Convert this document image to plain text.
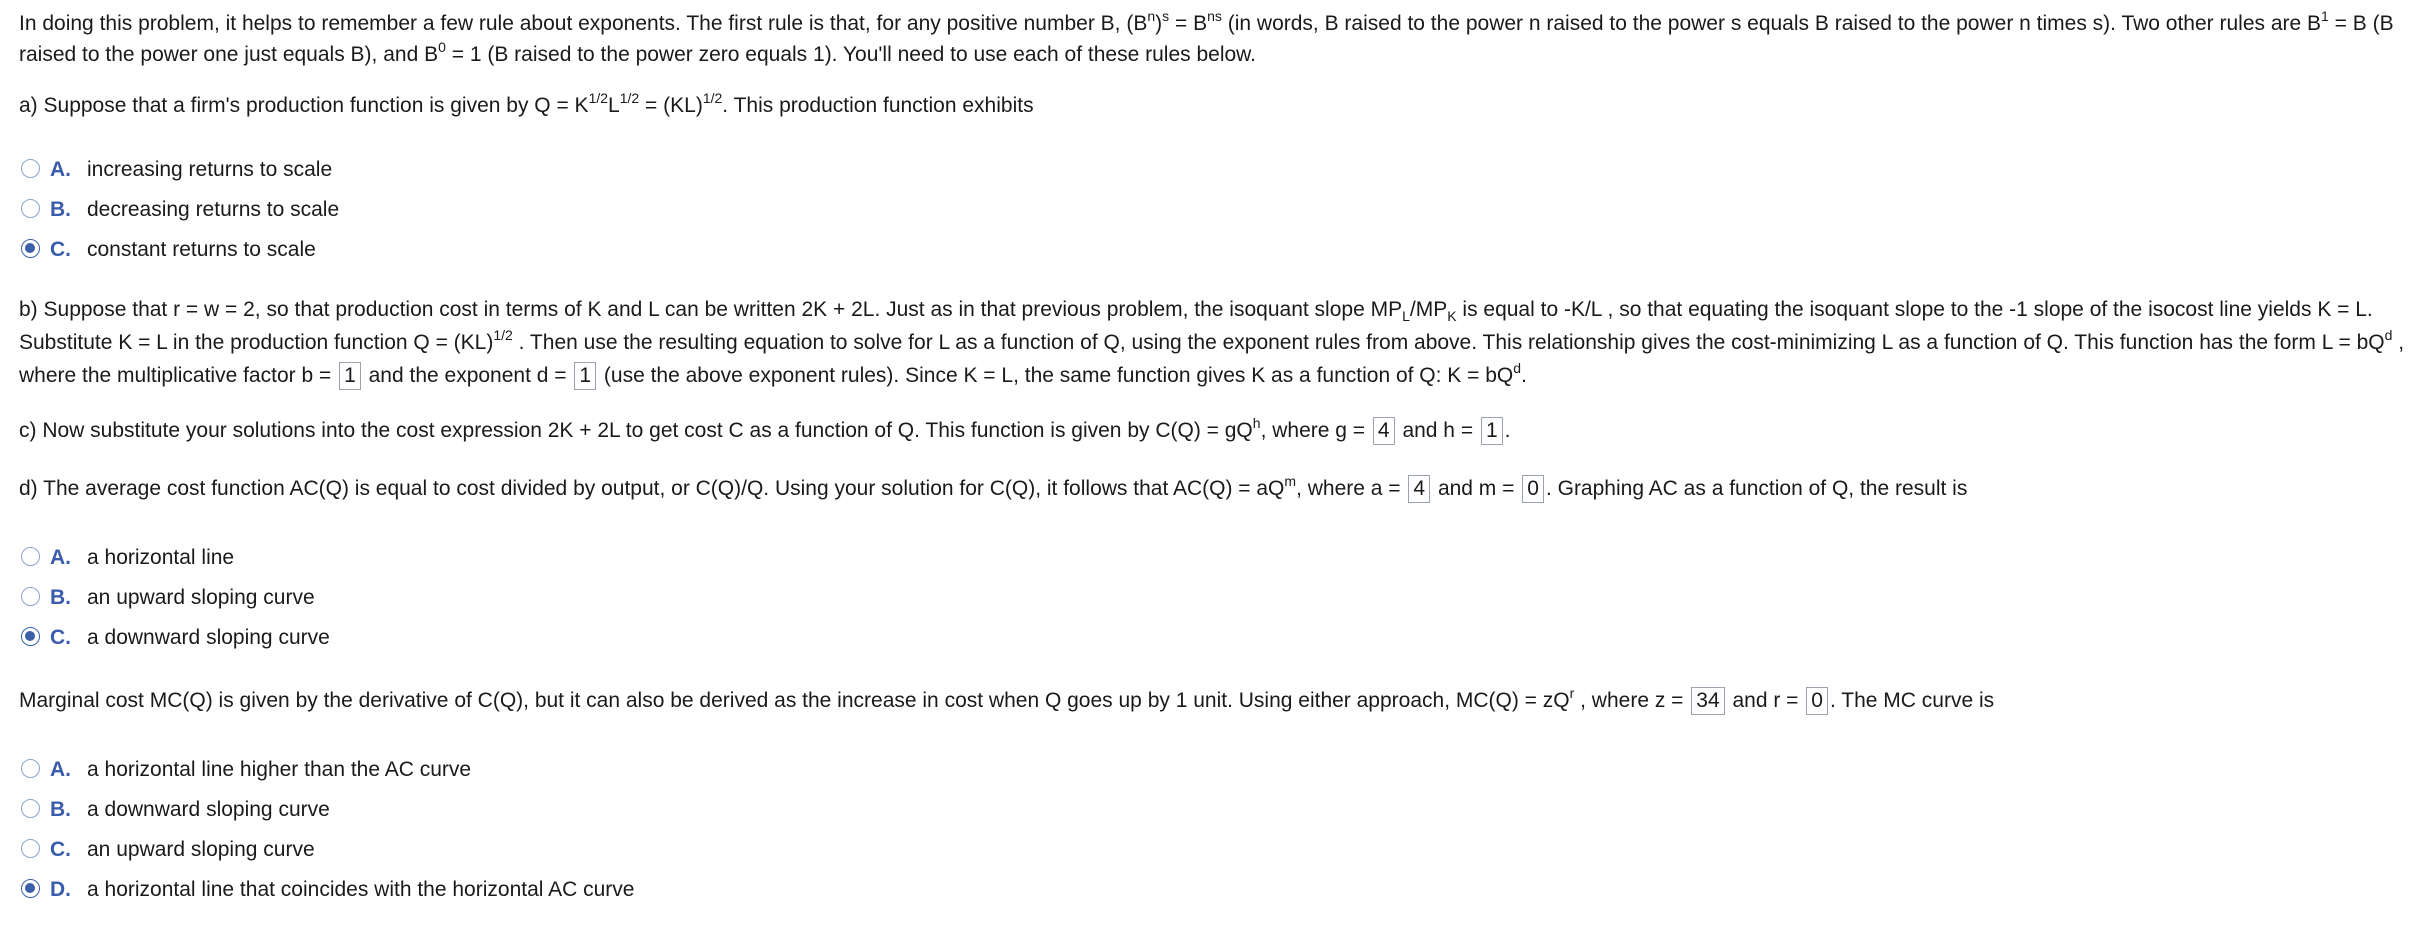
In doing this problem, it helps to remember a few rule about exponents. The first rule is that, for any positive number B, $(B^n)^s = B^{ns}$ (in words, B raised to the power n raised to the power s equals B raised to the power n times s). Two other rules are $B^1 = B$ (B
raised to the power one just equals B), and $B^0 = 1$ (B raised to the power zero equals 1). You'll need to use each of these rules below.
a) Suppose that a firm's production function is given by $Q = K^{1/2}L^{1/2} = (KL)^{1/2}$. This production function exhibits
A. increasing returns to scale
B. decreasing returns to scale
C. constant returns to scale
b) Suppose that r = w = 2, so that production cost in terms of K and L can be written 2K + 2L. Just as in that previous problem, the isoquant slope $MP_L/MP_K$ is equal to -K/L , so that equating the isoquant slope to the -1 slope of the isocost line yields K = L.
Substitute K = L in the production function Q = (KL)$^{1/2}$ . Then use the resulting equation to solve for L as a function of Q, using the exponent rules from above. This relationship gives the cost-minimizing L as a function of Q. This function has the form $L = bQ^d$ ,
where the multiplicative factor b = 1 and the exponent d = 1 (use the above exponent rules). Since K = L, the same function gives K as a function of Q: $K = bQ^d$.
c) Now substitute your solutions into the cost expression 2K + 2L to get cost C as a function of Q. This function is given by $C(Q) = gQ^h$, where g = 4 and h = 1 .
d) The average cost function AC(Q) is equal to cost divided by output, or C(Q)/Q. Using your solution for C(Q), it follows that $AC(Q) = aQ^m$, where a = 4 and m = 0 . Graphing AC as a function of Q, the result is
A. a horizontal line
B. an upward sloping curve
C. a downward sloping curve
Marginal cost MC(Q) is given by the derivative of C(Q), but it can also be derived as the increase in cost when Q goes up by 1 unit. Using either approach, $MC(Q) = zQ^r$ , where z = 34 and r = 0 . The MC curve is
A. a horizontal line higher than the AC curve
B. a downward sloping curve
C. an upward sloping curve
D. a horizontal line that coincides with the horizontal AC curve
